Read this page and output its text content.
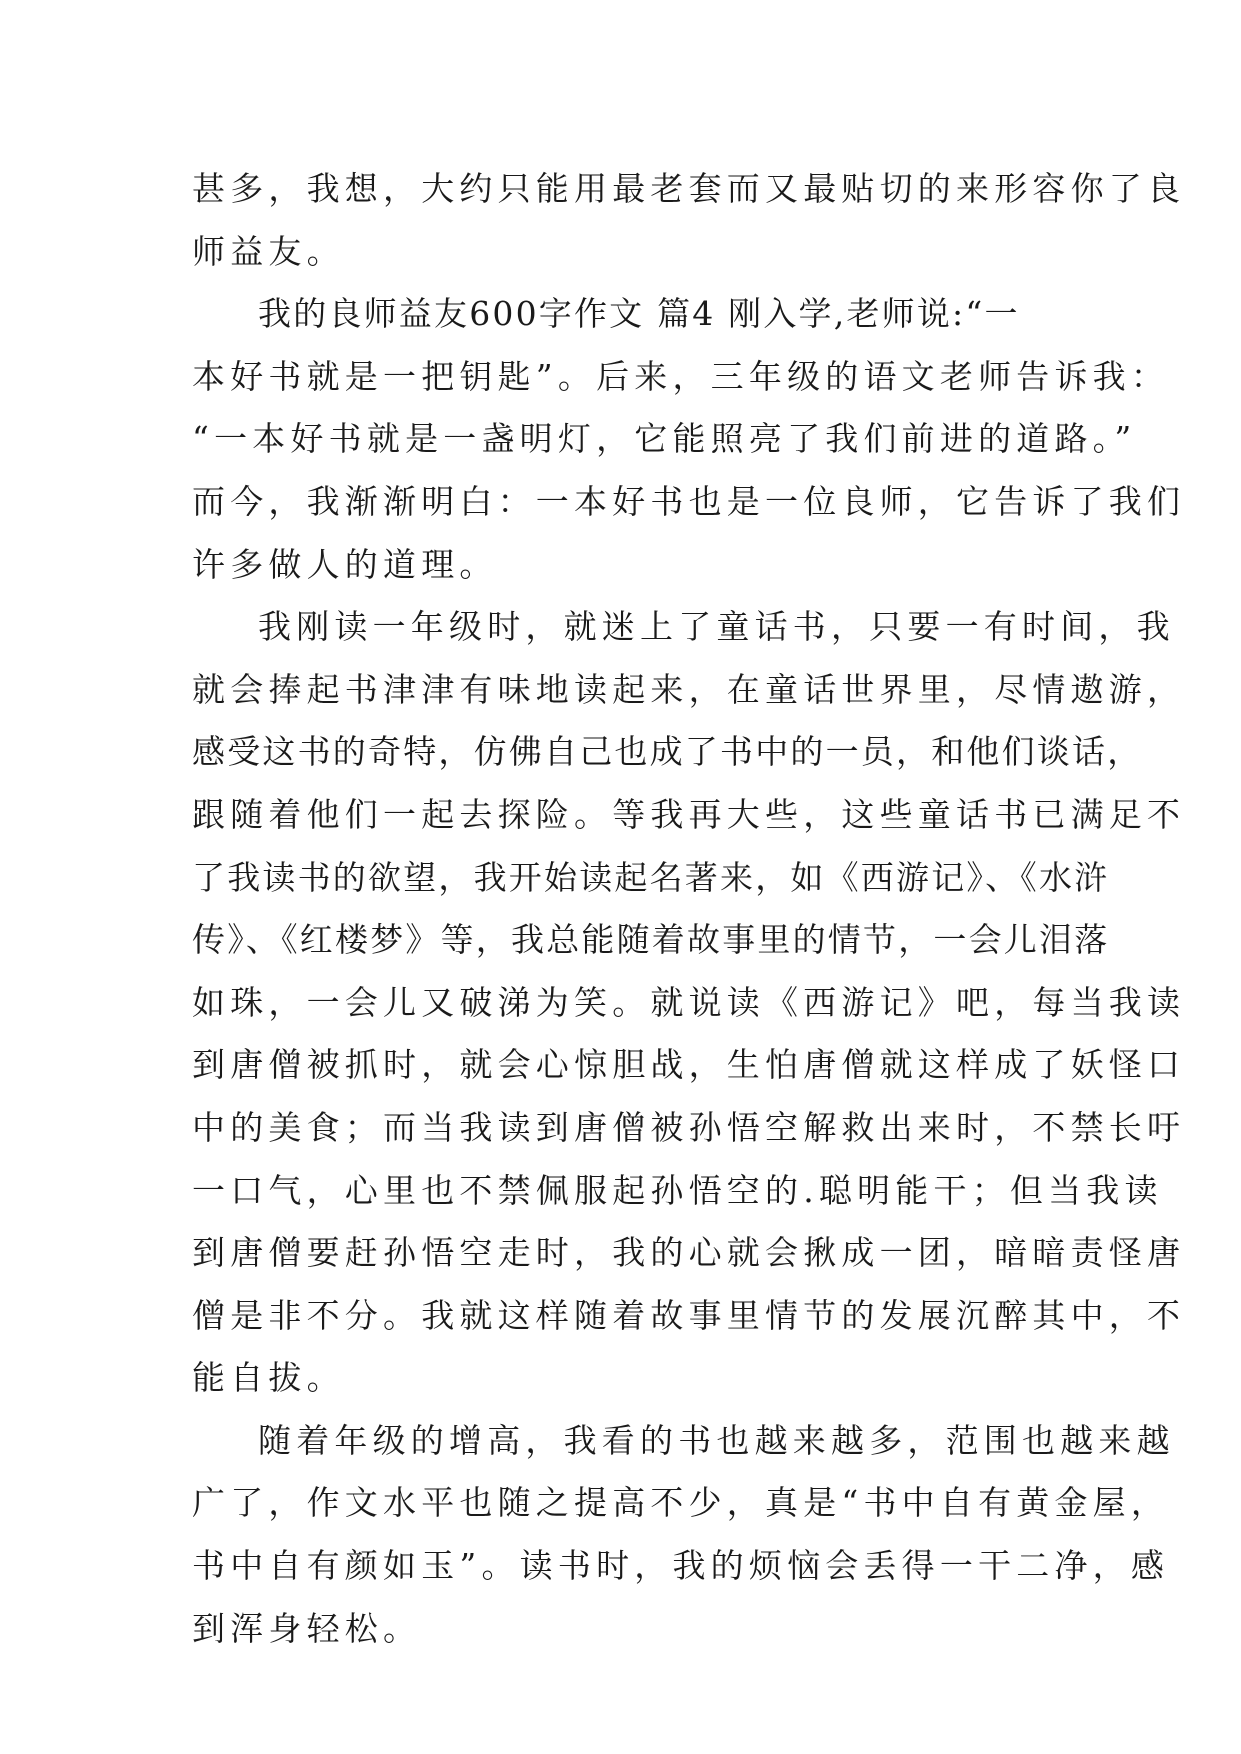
甚多，我想，大约只能用最老套而又最贴切的来形容你了良
师益友。
我的良师益友600字作文 篇4 刚入学,老师说:“一
本好书就是一把钥匙”。后来，三年级的语文老师告诉我：
“一本好书就是一盏明灯，它能照亮了我们前进的道路。”
而今，我渐渐明白：一本好书也是一位良师，它告诉了我们
许多做人的道理。
我刚读一年级时，就迷上了童话书，只要一有时间，我
就会捧起书津津有味地读起来，在童话世界里，尽情遨游，
感受这书的奇特，仿佛自己也成了书中的一员，和他们谈话，
跟随着他们一起去探险。等我再大些，这些童话书已满足不
了我读书的欲望，我开始读起名著来，如《西游记》、《水浒
传》、《红楼梦》等，我总能随着故事里的情节，一会儿泪落
如珠，一会儿又破涕为笑。就说读《西游记》吧，每当我读
到唐僧被抓时，就会心惊胆战，生怕唐僧就这样成了妖怪口
中的美食；而当我读到唐僧被孙悟空解救出来时，不禁长吁
一口气，心里也不禁佩服起孙悟空的.聪明能干；但当我读
到唐僧要赶孙悟空走时，我的心就会揪成一团，暗暗责怪唐
僧是非不分。我就这样随着故事里情节的发展沉醉其中，不
能自拔。
随着年级的增高，我看的书也越来越多，范围也越来越
广了，作文水平也随之提高不少，真是“书中自有黄金屋，
书中自有颜如玉”。读书时，我的烦恼会丢得一干二净，感
到浑身轻松。
